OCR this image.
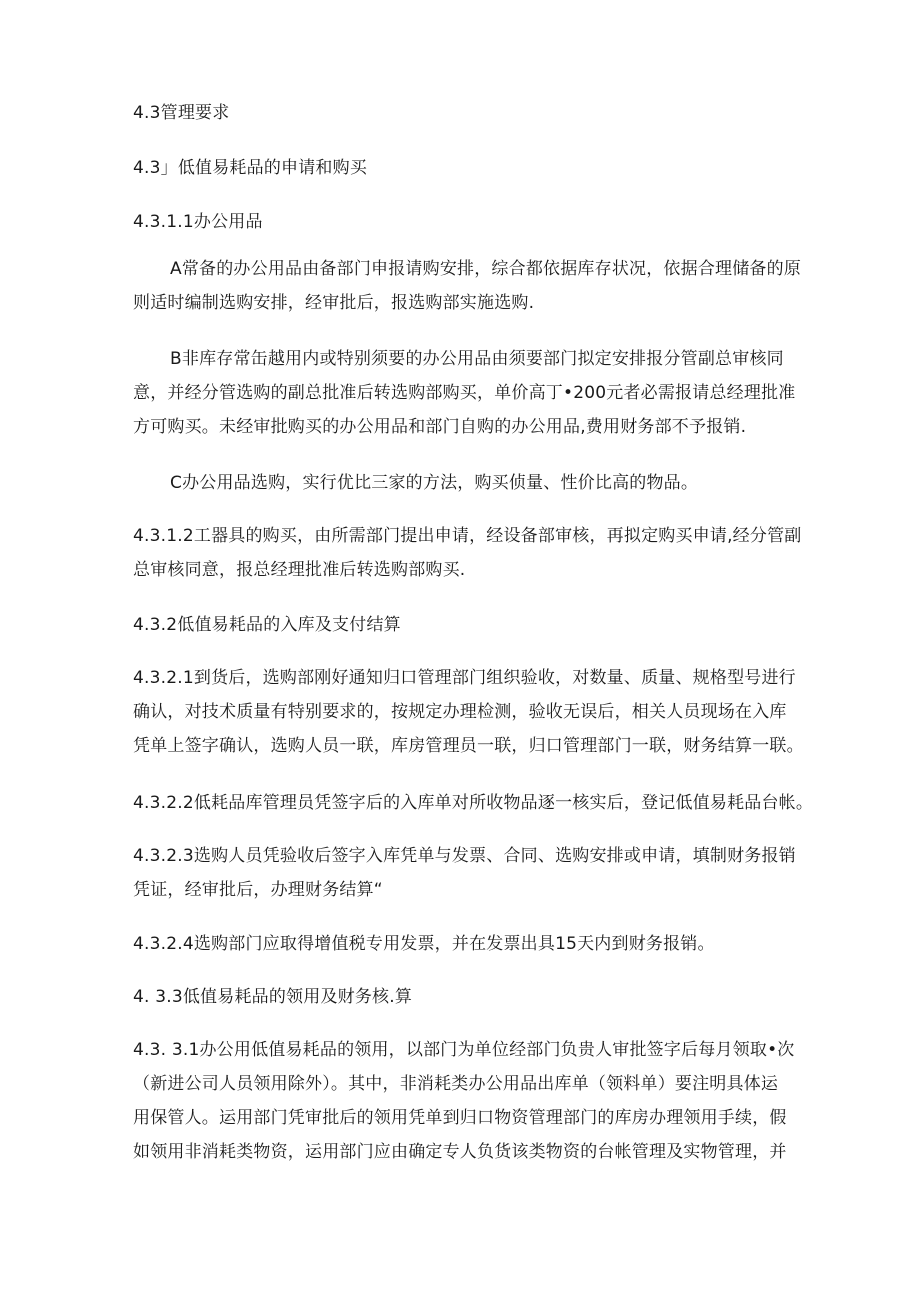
4.3管理要求
4.3」低值易耗品的申请和购买
4.3.1.1办公用品
A常备的办公用品由备部门申报请购安排，综合都依据库存状况，依据合理储备的原
则适时编制选购安排，经审批后，报选购部实施选购.
B非库存常缶越用内或特别须要的办公用品由须要部门拟定安排报分管副总审核同
意，并经分管选购的副总批准后转选购部购买，单价高丁•200元者必需报请总经理批准
方可购买。未经审批购买的办公用品和部门自购的办公用品,费用财务部不予报销.
C办公用品选购，实行优比三家的方法，购买侦量、性价比高的物品。
4.3.1.2工器具的购买，由所需部门提出申请，经设备部审核，再拟定购买申请,经分管副
总审核同意，报总经理批准后转选购部购买.
4.3.2低值易耗品的入库及支付结算
4.3.2.1到货后，选购部刚好通知归口管理部门组织验收，对数量、质量、规格型号进行
确认，对技术质量有特别要求的，按规定办理检测，验收无误后，相关人员现场在入库
凭单上签字确认，选购人员一联，库房管理员一联，归口管理部门一联，财务结算一联。
4.3.2.2低耗品库管理员凭签字后的入库单对所收物品逐一核实后，登记低值易耗品台帐。
4.3.2.3选购人员凭验收后签字入库凭单与发票、合同、选购安排或申请，填制财务报销
凭证，经审批后，办理财务结算“
4.3.2.4选购部门应取得增值税专用发票，并在发票出具15天内到财务报销。
4. 3.3低值易耗品的领用及财务核.算
4.3. 3.1办公用低值易耗品的领用，以部门为单位经部门负贵人审批签字后每月领取•次
（新进公司人员领用除外）。其中，非消耗类办公用品出库单（领料单）要注明具体运
用保管人。运用部门凭审批后的领用凭单到归口物资管理部门的库房办理领用手续，假
如领用非消耗类物资，运用部门应由确定专人负货该类物资的台帐管理及实物管理，并
